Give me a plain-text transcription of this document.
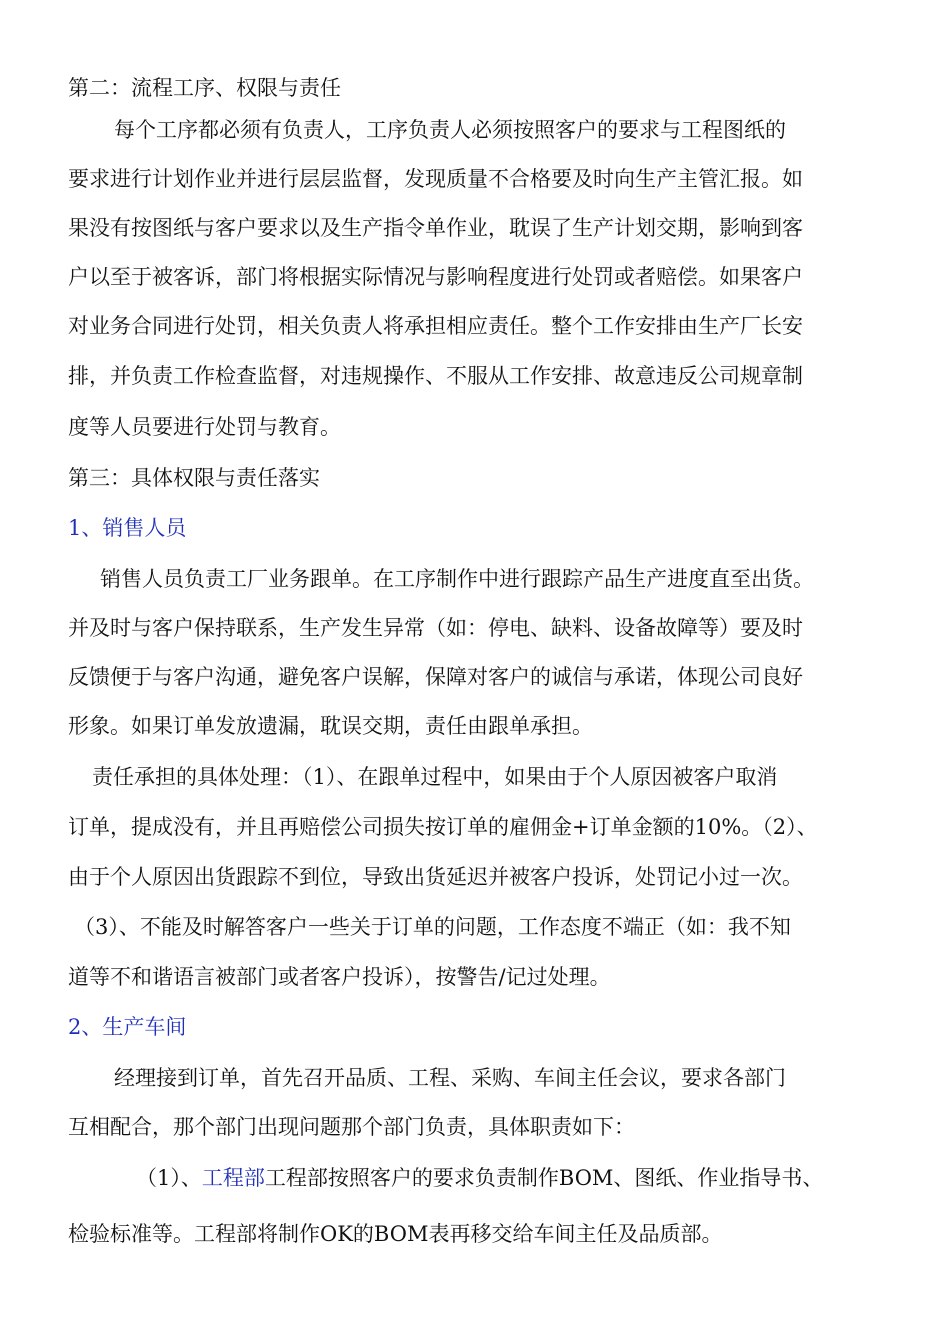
第二：流程工序、权限与责任
每个工序都必须有负责人，工序负责人必须按照客户的要求与工程图纸的
要求进行计划作业并进行层层监督，发现质量不合格要及时向生产主管汇报。如
果没有按图纸与客户要求以及生产指令单作业，耽误了生产计划交期，影响到客
户以至于被客诉，部门将根据实际情况与影响程度进行处罚或者赔偿。如果客户
对业务合同进行处罚，相关负责人将承担相应责任。整个工作安排由生产厂长安
排，并负责工作检查监督，对违规操作、不服从工作安排、故意违反公司规章制
度等人员要进行处罚与教育。
第三：具体权限与责任落实
1、销售人员
销售人员负责工厂业务跟单。在工序制作中进行跟踪产品生产进度直至出货。
并及时与客户保持联系，生产发生异常（如：停电、缺料、设备故障等）要及时
反馈便于与客户沟通，避免客户误解，保障对客户的诚信与承诺，体现公司良好
形象。如果订单发放遗漏，耽误交期，责任由跟单承担。
责任承担的具体处理：（1）、在跟单过程中，如果由于个人原因被客户取消
订单，提成没有，并且再赔偿公司损失按订单的雇佣金+订单金额的10%。（2）、
由于个人原因出货跟踪不到位，导致出货延迟并被客户投诉，处罚记小过一次。
（3）、不能及时解答客户一些关于订单的问题，工作态度不端正（如：我不知
道等不和谐语言被部门或者客户投诉），按警告/记过处理。
2、生产车间
经理接到订单，首先召开品质、工程、采购、车间主任会议，要求各部门
互相配合，那个部门出现问题那个部门负责，具体职责如下：
（1）、工程部工程部按照客户的要求负责制作BOM、图纸、作业指导书、
检验标准等。工程部将制作OK的BOM表再移交给车间主任及品质部。
